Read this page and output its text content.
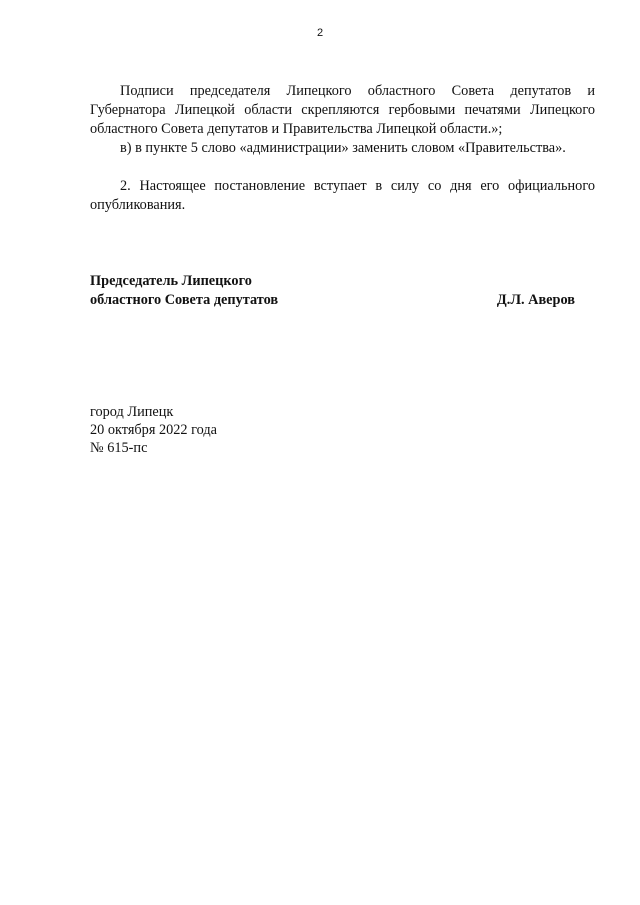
2

Подписи председателя Липецкого областного Совета депутатов и Губернатора Липецкой области скрепляются гербовыми печатями Липецкого областного Совета депутатов и Правительства Липецкой области.»;

в) в пункте 5 слово «администрации» заменить словом «Правительства».

2. Настоящее постановление вступает в силу со дня его официального опубликования.

Председатель Липецкого
областного Совета депутатов	Д.Л. Аверов
город Липецк
20 октября 2022 года
№ 615-пс
